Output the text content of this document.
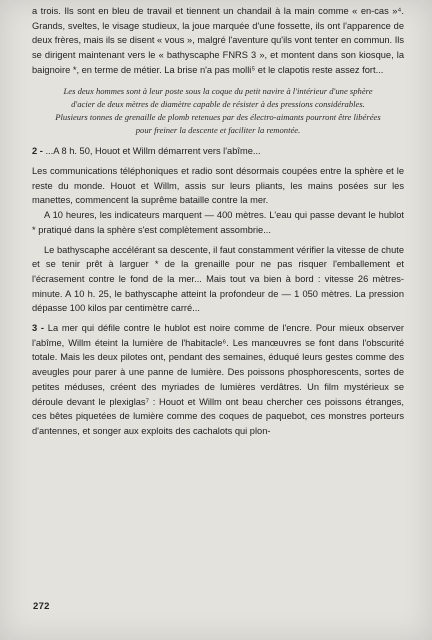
a trois. Ils sont en bleu de travail et tiennent un chandail à la main comme « en-cas »⁴. Grands, sveltes, le visage studieux, la joue marquée d'une fossette, ils ont l'apparence de deux frères, mais ils se disent « vous », malgré l'aventure qu'ils vont tenter en commun. Ils se dirigent maintenant vers le « bathyscaphe FNRS 3 », et montent dans son kiosque, la baignoire *, en terme de métier. La brise n'a pas molli⁵ et le clapotis reste assez fort...

Les deux hommes sont à leur poste sous la coque du petit navire à l'intérieur d'une sphère d'acier de deux mètres de diamètre capable de résister à des pressions considérables. Plusieurs tonnes de grenaille de plomb retenues par des électro-aimants pourront être libérées pour freiner la descente et faciliter la remontée.

2 - ...A 8 h. 50, Houot et Willm démarrent vers l'abîme...

Les communications téléphoniques et radio sont désormais coupées entre la sphère et le reste du monde. Houot et Willm, assis sur leurs pliants, les mains posées sur les manettes, commencent la suprême bataille contre la mer.

A 10 heures, les indicateurs marquent — 400 mètres. L'eau qui passe devant le hublot * pratiqué dans la sphère s'est complètement assombrie...

Le bathyscaphe accélérant sa descente, il faut constamment vérifier la vitesse de chute et se tenir prêt à larguer * de la grenaille pour ne pas risquer l'emballement et l'écrasement contre le fond de la mer... Mais tout va bien à bord : vitesse 26 mètres-minute. A 10 h. 25, le bathyscaphe atteint la profondeur de — 1 050 mètres. La pression dépasse 100 kilos par centimètre carré...

3 - La mer qui défile contre le hublot est noire comme de l'encre. Pour mieux observer l'abîme, Willm éteint la lumière de l'habitacle⁶. Les manœuvres se font dans l'obscurité totale. Mais les deux pilotes ont, pendant des semaines, éduqué leurs gestes comme des aveugles pour parer à une panne de lumière. Des poissons phosphorescents, sortes de petites méduses, créent des myriades de lumières verdâtres. Un film mystérieux se déroule devant le plexiglas⁷ : Houot et Willm ont beau chercher ces poissons étranges, ces bêtes piquetées de lumière comme des coques de paquebot, ces monstres porteurs d'antennes, et songer aux exploits des cachalots qui plon-

272
